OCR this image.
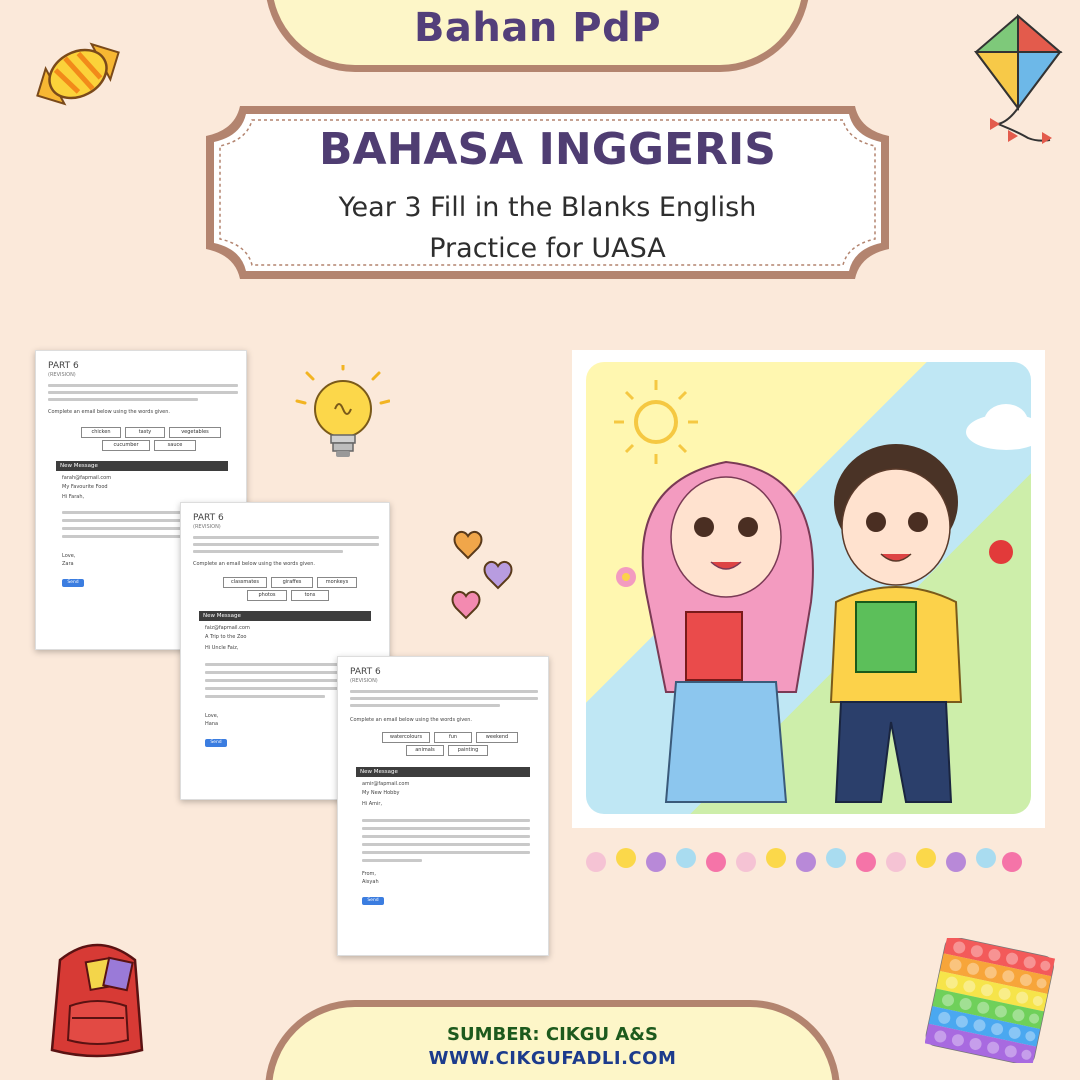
Bahan PdP
BAHASA INGGERIS
Year 3 Fill in the Blanks English
Practice for UASA
PART 6
(REVISION)
Complete an email below using the words given.
chicken	tasty	vegetables
cucumber	sauce
New Message
farah@fapmail.com
My Favourite Food
Hi Farah,
Love,
Zara
Send
PART 6
(REVISION)
Complete an email below using the words given.
classmates	giraffes	monkeys
photos	tons
New Message
faiz@fapmail.com
A Trip to the Zoo
Hi Uncle Faiz,
Love,
Hana
Send
PART 6
(REVISION)
Complete an email below using the words given.
watercolours	fun	weekend
animals	painting
New Message
amir@fapmail.com
My New Hobby
Hi Amir,
From,
Aisyah
Send
SUMBER: CIKGU A&S
WWW.CIKGUFADLI.COM
